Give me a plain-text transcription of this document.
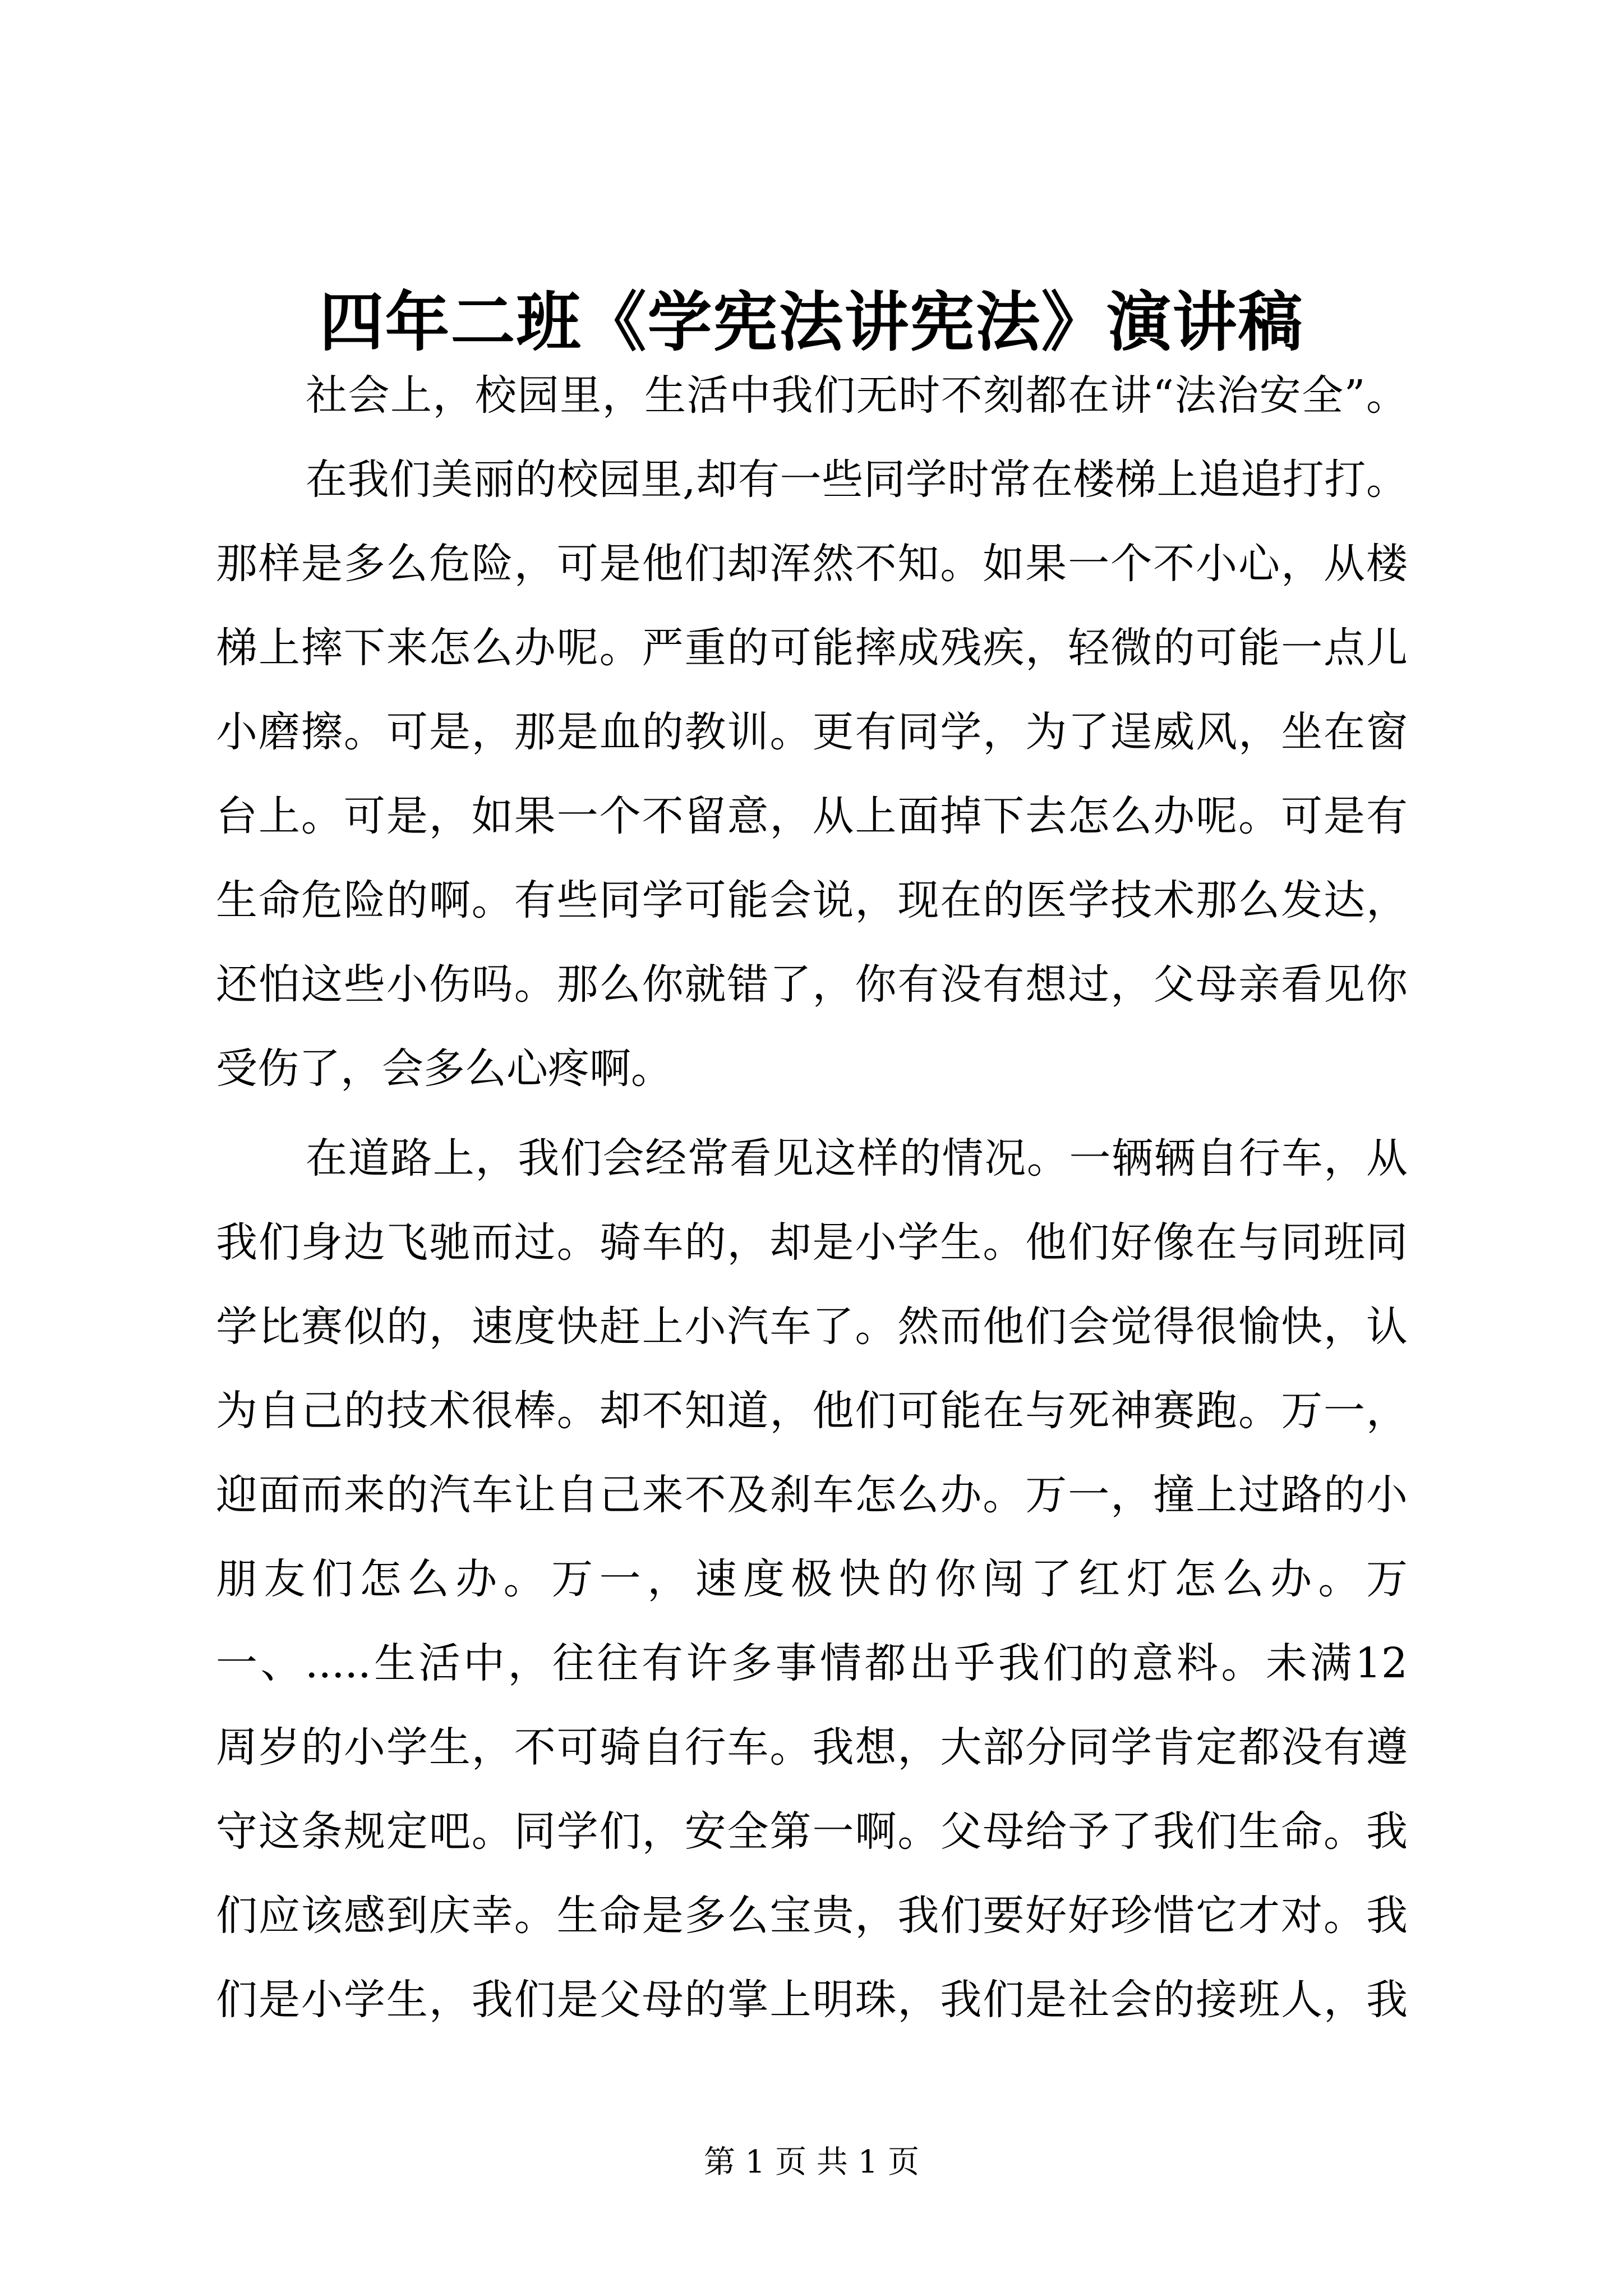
四年二班《学宪法讲宪法》演讲稿
社会上，校园里，生活中我们无时不刻都在讲“法治安全”。
在我们美丽的校园里,却有一些同学时常在楼梯上追追打打。
那样是多么危险，可是他们却浑然不知。如果一个不小心，从楼
梯上摔下来怎么办呢。严重的可能摔成残疾，轻微的可能一点儿
小磨擦。可是，那是血的教训。更有同学，为了逞威风，坐在窗
台上。可是，如果一个不留意，从上面掉下去怎么办呢。可是有
生命危险的啊。有些同学可能会说，现在的医学技术那么发达，
还怕这些小伤吗。那么你就错了，你有没有想过，父母亲看见你
受伤了，会多么心疼啊。
在道路上，我们会经常看见这样的情况。一辆辆自行车，从
我们身边飞驰而过。骑车的，却是小学生。他们好像在与同班同
学比赛似的，速度快赶上小汽车了。然而他们会觉得很愉快，认
为自己的技术很棒。却不知道，他们可能在与死神赛跑。万一，
迎面而来的汽车让自己来不及刹车怎么办。万一，撞上过路的小
朋友们怎么办。万一，速度极快的你闯了红灯怎么办。万
一、.....生活中，往往有许多事情都出乎我们的意料。未满12
周岁的小学生，不可骑自行车。我想，大部分同学肯定都没有遵
守这条规定吧。同学们，安全第一啊。父母给予了我们生命。我
们应该感到庆幸。生命是多么宝贵，我们要好好珍惜它才对。我
们是小学生，我们是父母的掌上明珠，我们是社会的接班人，我
第 1 页 共 1 页
